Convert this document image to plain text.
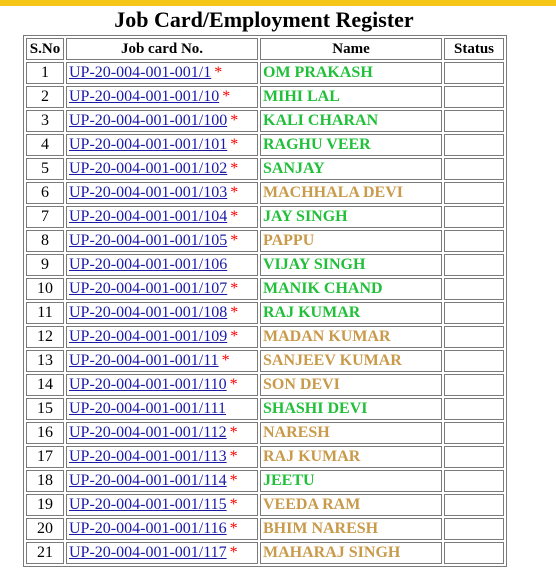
Job Card/Employment Register
S.No	Job card No.	Name	Status
1	UP-20-004-001-001/1 *	OM PRAKASH	
2	UP-20-004-001-001/10 *	MIHI LAL	
3	UP-20-004-001-001/100 *	KALI CHARAN	
4	UP-20-004-001-001/101 *	RAGHU VEER	
5	UP-20-004-001-001/102 *	SANJAY	
6	UP-20-004-001-001/103 *	MACHHALA DEVI	
7	UP-20-004-001-001/104 *	JAY SINGH	
8	UP-20-004-001-001/105 *	PAPPU	
9	UP-20-004-001-001/106	VIJAY SINGH	
10	UP-20-004-001-001/107 *	MANIK CHAND	
11	UP-20-004-001-001/108 *	RAJ KUMAR	
12	UP-20-004-001-001/109 *	MADAN KUMAR	
13	UP-20-004-001-001/11 *	SANJEEV KUMAR	
14	UP-20-004-001-001/110 *	SON DEVI	
15	UP-20-004-001-001/111	SHASHI DEVI	
16	UP-20-004-001-001/112 *	NARESH	
17	UP-20-004-001-001/113 *	RAJ KUMAR	
18	UP-20-004-001-001/114 *	JEETU	
19	UP-20-004-001-001/115 *	VEEDA RAM	
20	UP-20-004-001-001/116 *	BHIM NARESH	
21	UP-20-004-001-001/117 *	MAHARAJ SINGH	
